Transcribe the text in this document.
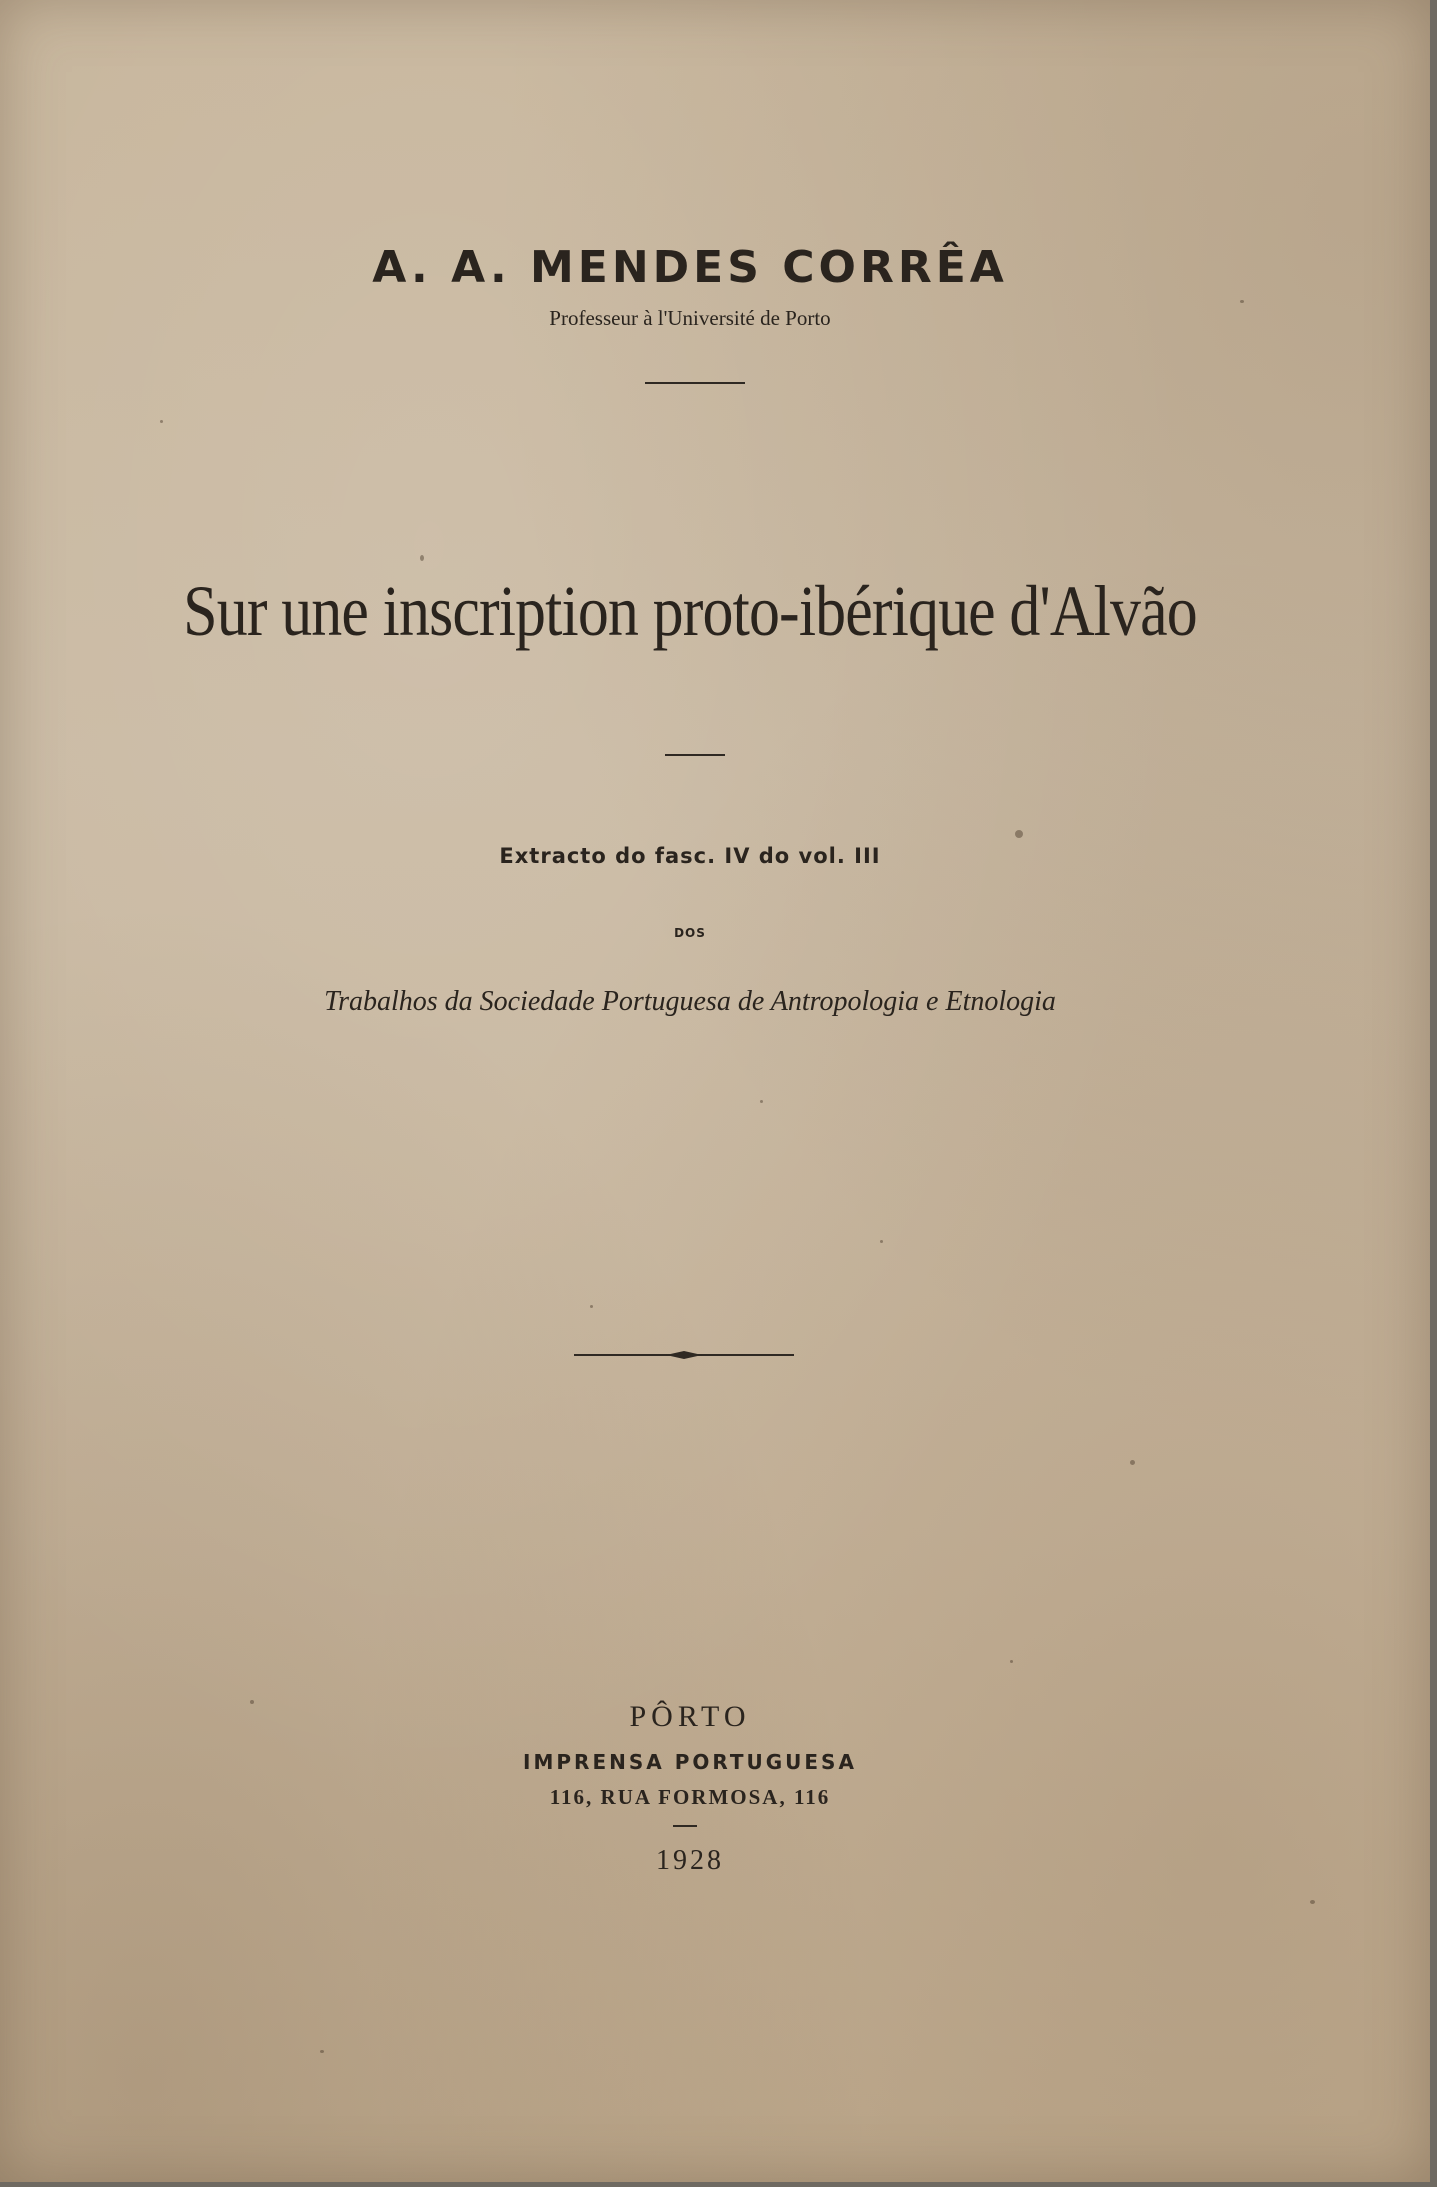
A. A. MENDES CORRÊA
Professeur à l'Université de Porto
Sur une inscription proto-ibérique d'Alvão
Extracto do fasc. IV do vol. III
DOS
Trabalhos da Sociedade Portuguesa de Antropologia e Etnologia
PÔRTO
IMPRENSA PORTUGUESA
116, RUA FORMOSA, 116
1928
